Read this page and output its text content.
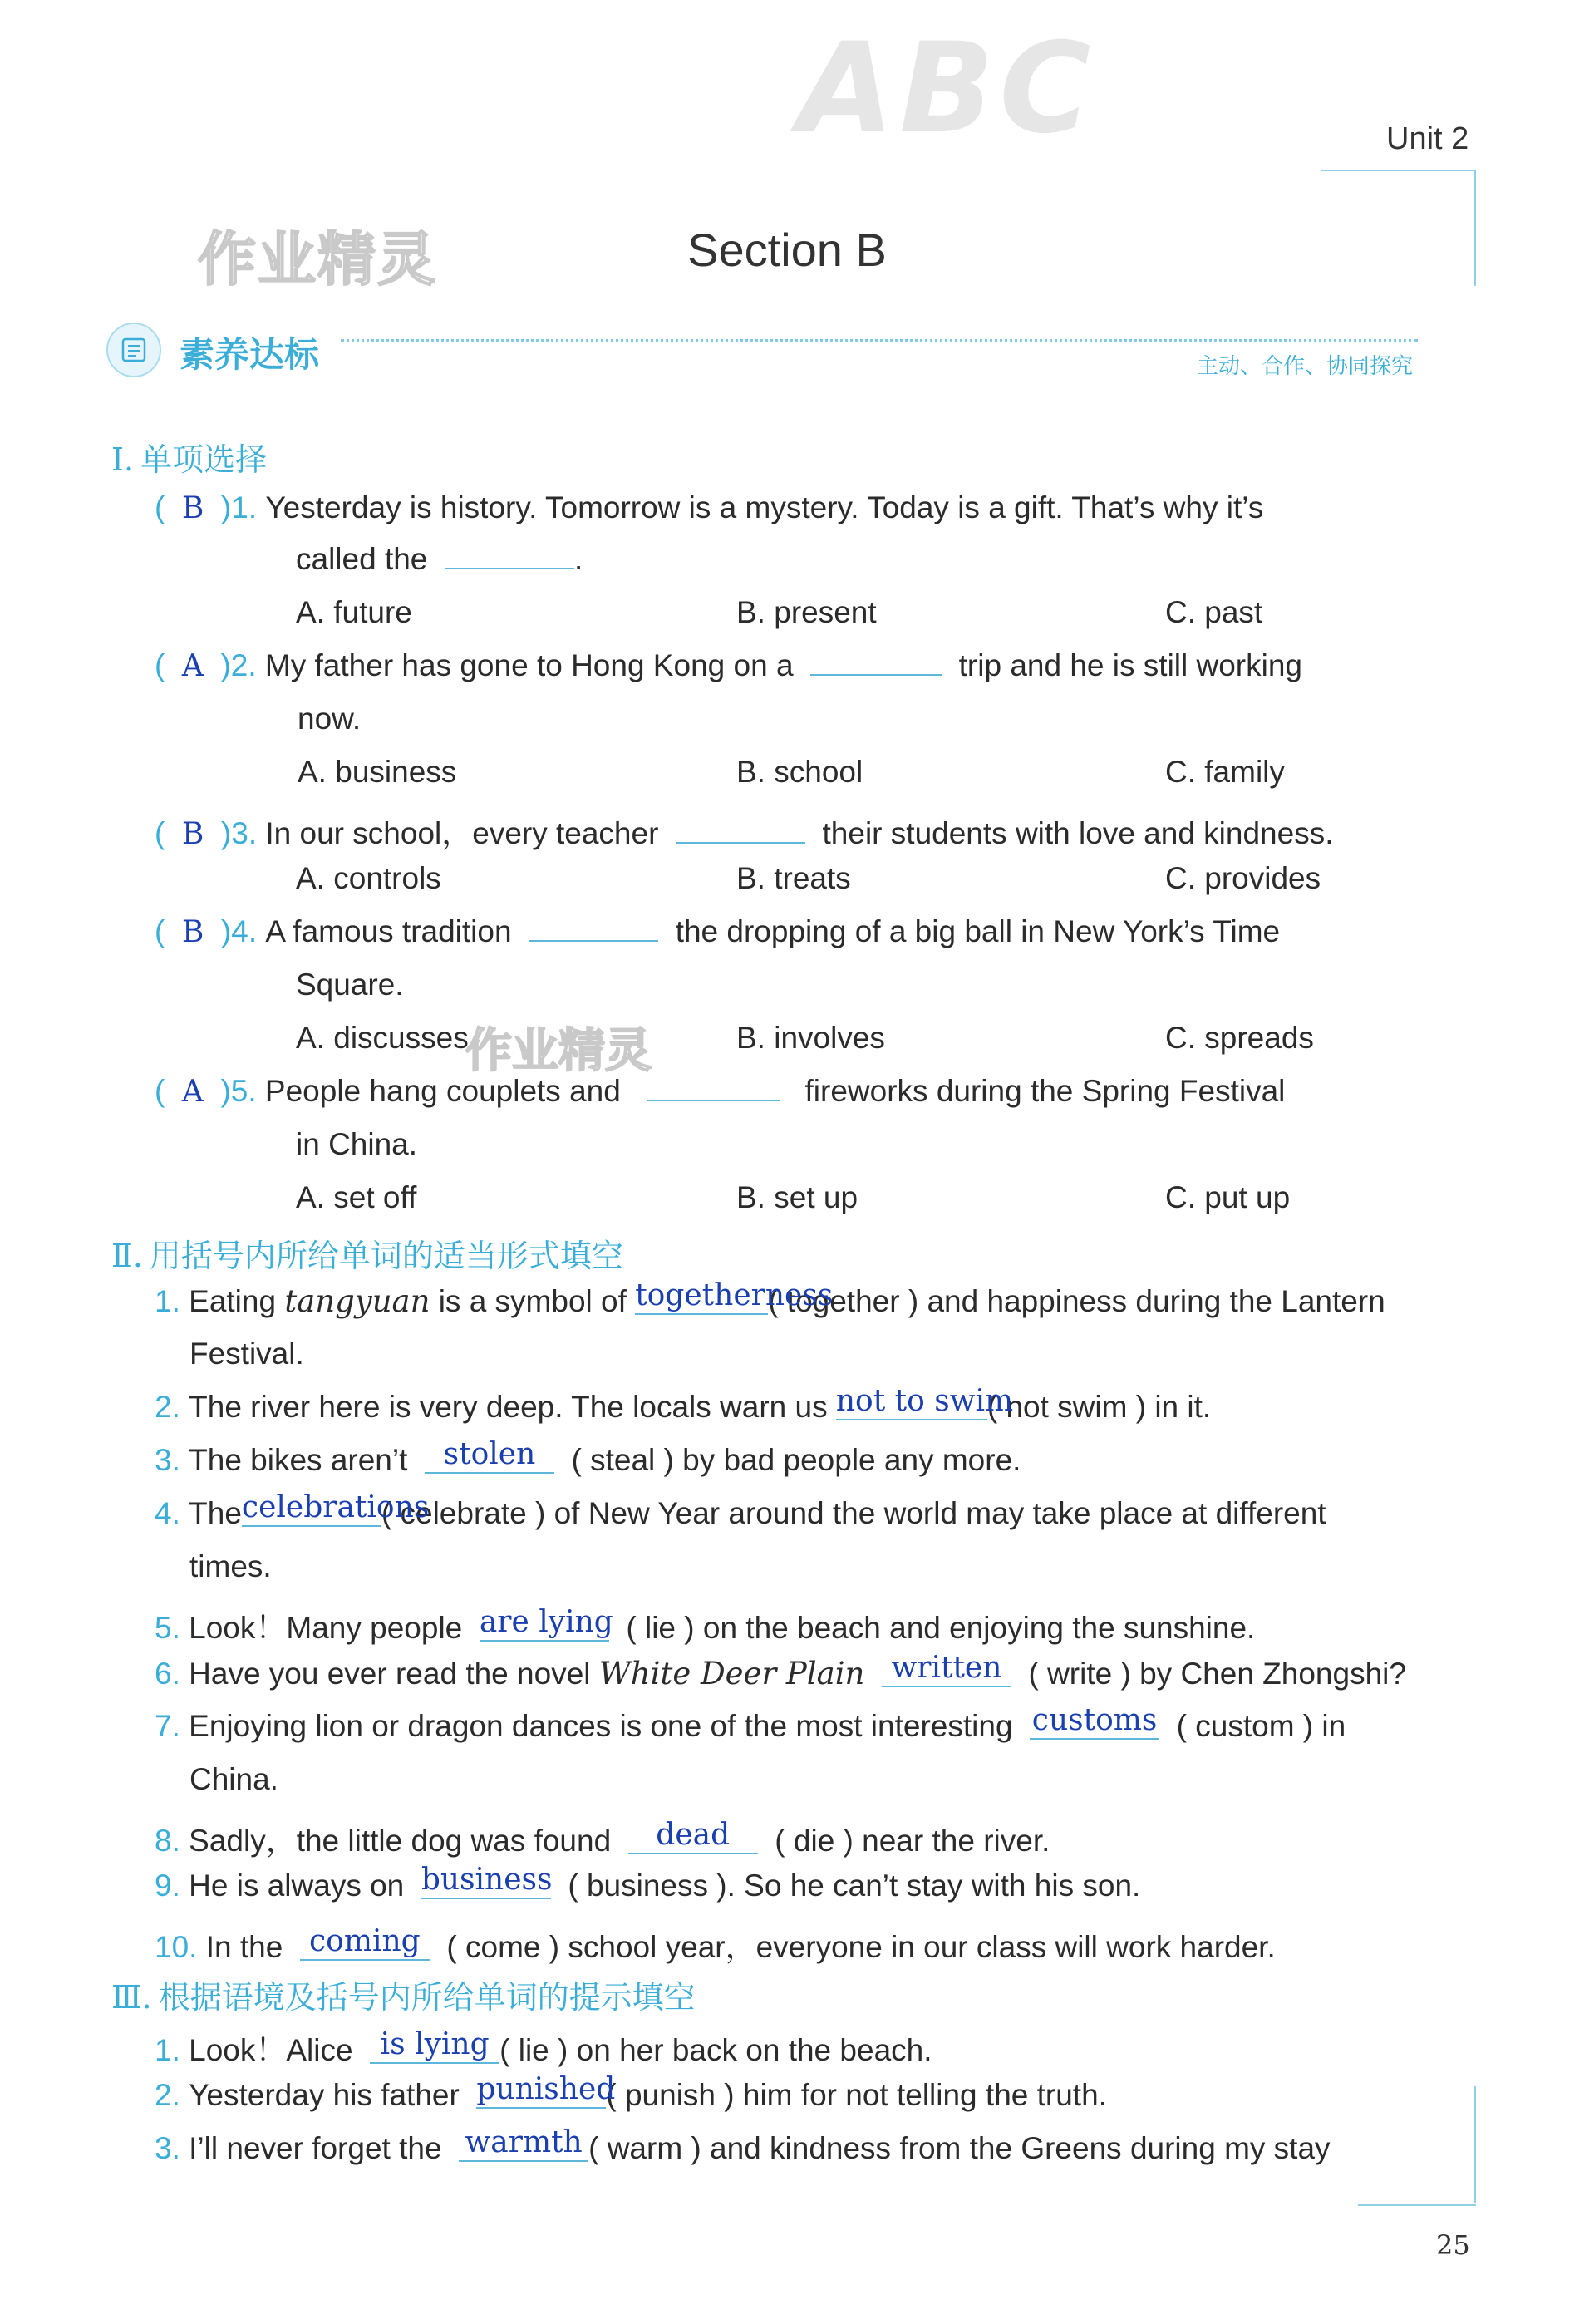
ABC	Unit 2
作业精灵
作业精灵
Section B
素养达标	主动、合作、协同探究
Ⅰ. 单项选择
( B )1. Yesterday is history. Tomorrow is a mystery. Today is a gift. That’s why it’s
called the	.
A. future	B. present	C. past
( A )2. My father has gone to Hong Kong on a	trip and he is still working
now.
A. business	B. school	C. family
( B )3. In our school，every teacher	their students with love and kindness.
A. controls	B. treats	C. provides
( B )4. A famous tradition	the dropping of a big ball in New York’s Time
Square.
A. discusses	B. involves	C. spreads
( A )5. People hang couplets and	fireworks during the Spring Festival
in China.
A. set off	B. set up	C. put up
Ⅱ. 用括号内所给单词的适当形式填空
1. Eating tangyuan is a symbol of togetherness( together ) and happiness during the Lantern
Festival.
2. The river here is very deep. The locals warn us not to swim( not swim ) in it.
3. The bikes aren’t stolen ( steal ) by bad people any more.
4. Thecelebrations( celebrate ) of New Year around the world may take place at different
times.
5. Look！Many people are lying ( lie ) on the beach and enjoying the sunshine.
6. Have you ever read the novel White Deer Plain written ( write ) by Chen Zhongshi?
7. Enjoying lion or dragon dances is one of the most interesting customs ( custom ) in
China.
8. Sadly，the little dog was found dead ( die ) near the river.
9. He is always on business ( business ). So he can’t stay with his son.
10. In the coming ( come ) school year，everyone in our class will work harder.
Ⅲ. 根据语境及括号内所给单词的提示填空
1. Look！Alice is lying ( lie ) on her back on the beach.
2. Yesterday his father punished( punish ) him for not telling the truth.
3. I’ll never forget the warmth ( warm ) and kindness from the Greens during my stay
25
